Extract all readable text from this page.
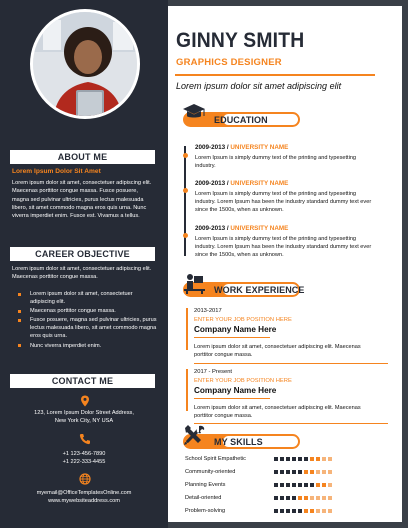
ABOUT ME
Lorem Ipsum Dolor Sit Amet
Lorem ipsum dolor sit amet, consectetuer adipiscing elit. Maecenas porttitor congue massa. Fusce posuere, magna sed pulvinar ultricies, purus lectus malesuada libero, sit amet commodo magna eros quis urna. Nunc viverra imperdiet enim. Fusce est. Vivamus a tellus.
CAREER OBJECTIVE
Lorem ipsum dolor sit amet, consectetuer adipiscing elit. Maecenas porttitor congue massa.
Lorem ipsum dolor sit amet, consectetuer adipiscing elit.
Maecenas porttitor congue massa.
Fusce posuere, magna sed pulvinar ultricies, purus lectus malesuada libero, sit amet commodo magna eros quis urna.
Nunc viverra imperdiet enim.
CONTACT ME
123, Lorem Ipsum Dolor Street Address,
New York City, NY USA
+1 123-456-7890
+1 222-333-4455
myemail@OfficeTemplatesOnline.com
www.mywebsiteaddress.com
GINNY SMITH
GRAPHICS DESIGNER
Lorem ipsum dolor sit amet adipiscing elit
EDUCATION
2009-2013 / UNIVERSITY NAME
Lorem Ipsum is simply dummy text of the printing and typesetting industry.
2009-2013 / UNIVERSITY NAME
Lorem Ipsum is simply dummy text of the printing and typesetting industry. Lorem Ipsum has been the industry standard dummy text ever since the 1500s, when as unknown.
2009-2013 / UNIVERSITY NAME
Lorem Ipsum is simply dummy text of the printing and typesetting industry. Lorem Ipsum has been the industry standard dummy text ever since the 1500s, when as unknown.
WORK EXPERIENCE
2013-2017
ENTER YOUR JOB POSITION HERE
Company Name Here
Lorem ipsum dolor sit amet, consectetuer adipiscing elit. Maecenas porttitor congue massa.
2017 - Present
ENTER YOUR JOB POSITION HERE
Company Name Here
Lorem ipsum dolor sit amet, consectetuer adipiscing elit. Maecenas porttitor congue massa.
MY SKILLS
School Spirit Empathetic
Community-oriented
Planning Events
Detail-oriented
Problem-solving
